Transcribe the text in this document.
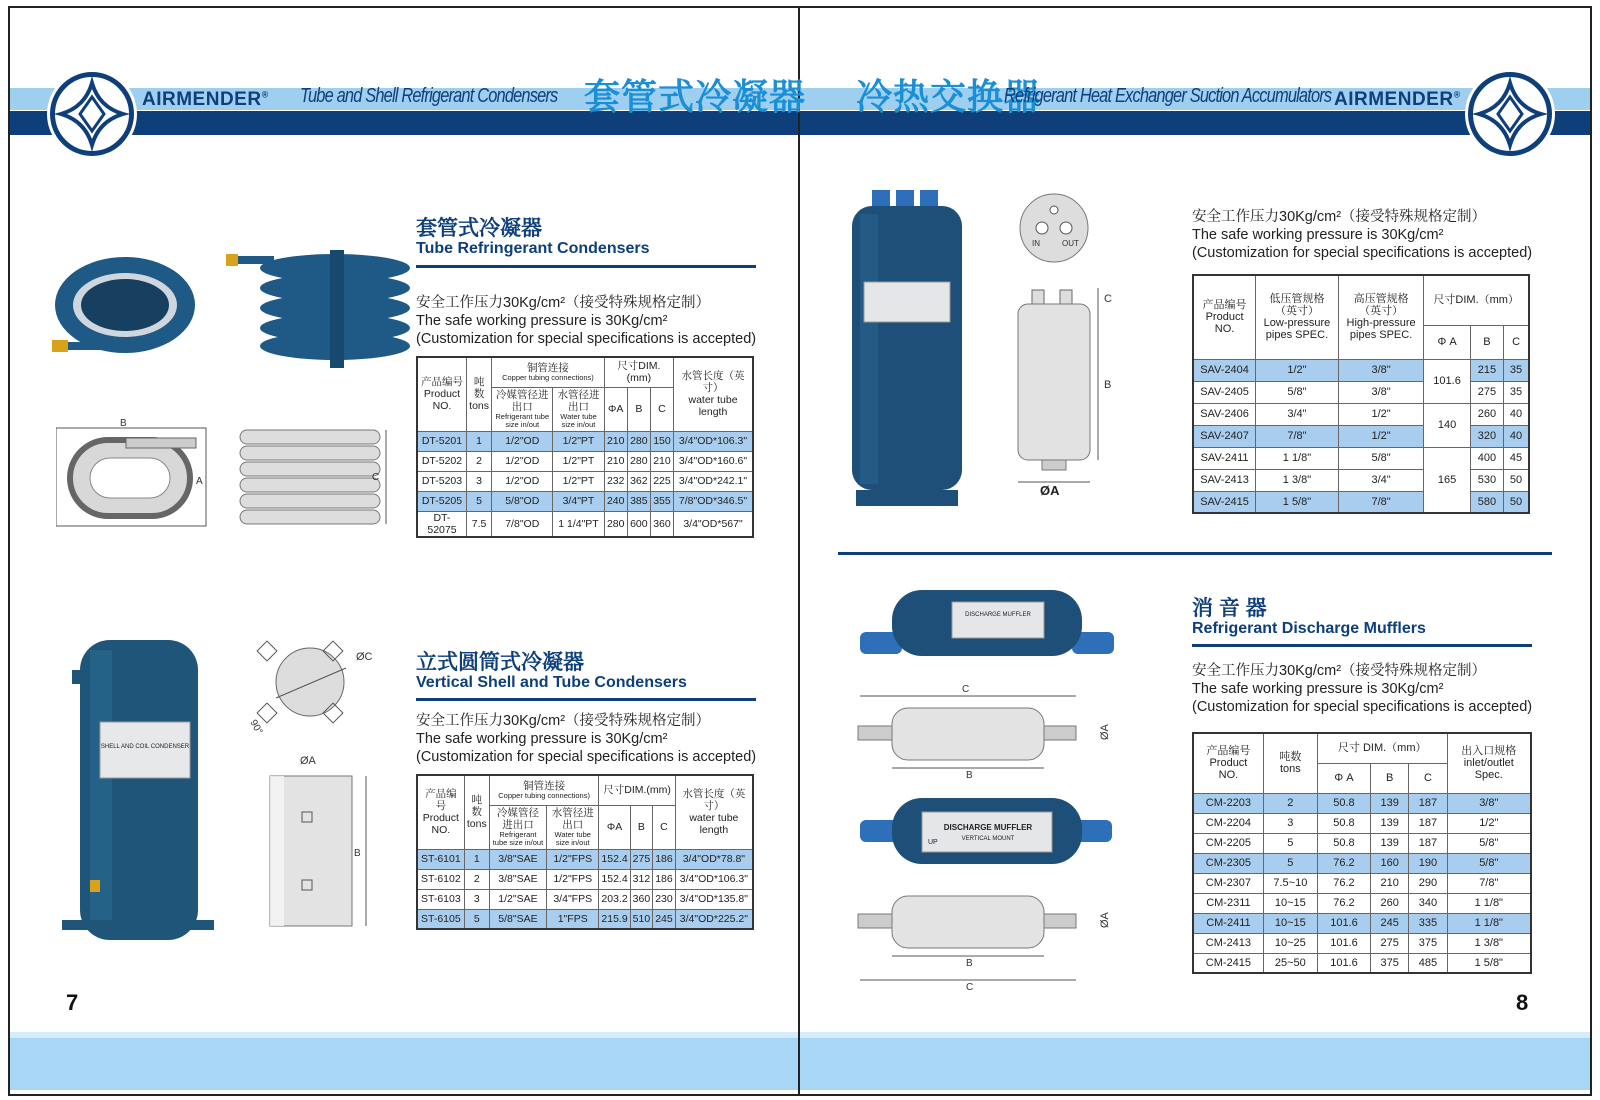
AIRMENDER® Tube and Shell Refrigerant Condensers 套管式冷凝器 冷热交换器
Refrigerant Heat Exchanger Suction Accumulators AIRMENDER®
B
A	C
SHELL AND COIL CONDENSER
ØC
90°
ØA
B
套管式冷凝器
Tube Refringerant Condensers
安全工作压力30Kg/cm²（接受特殊规格定制）
The safe working pressure is 30Kg/cm²
(Customization for special specifications is accepted)
产品编号
Product NO.	吨数
tons	铜管连接
Copper tubing connections)		尺寸DIM.(mm)			水管长度（英寸）
water tube length

		冷媒管径进出口
Refrigerant tube size in/out	水管径进出口
Water tube size in/out	ΦA	B	C	
DT-5201	1	1/2"OD	1/2"PT	210	280	150	3/4"OD*106.3"
DT-5202	2	1/2"OD	1/2"PT	210	280	210	3/4"OD*160.6"
DT-5203	3	1/2"OD	1/2"PT	232	362	225	3/4"OD*242.1"
DT-5205	5	5/8"OD	3/4"PT	240	385	355	7/8"OD*346.5"
DT-52075	7.5	7/8"OD	1 1/4"PT	280	600	360	3/4"OD*567"
立式圆筒式冷凝器
Vertical Shell and Tube Condensers
安全工作压力30Kg/cm²（接受特殊规格定制）
The safe working pressure is 30Kg/cm²
(Customization for special specifications is accepted)
产品编号
Product NO.	吨数
tons	铜管连接
Copper tubing connections)		尺寸DIM.(mm)			水管长度（英寸）
water tube length

		冷媒管径进出口
Refrigerant tube size in/out	水管径进出口
Water tube size in/out	ΦA	B	C	
ST-6101	1	3/8"SAE	1/2"FPS	152.4	275	186	3/4"OD*78.8"
ST-6102	2	3/8"SAE	1/2"FPS	152.4	312	186	3/4"OD*106.3"
ST-6103	3	1/2"SAE	3/4"FPS	203.2	360	230	3/4"OD*135.8"
ST-6105	5	5/8"SAE	1"FPS	215.9	510	245	3/4"OD*225.2"
7
IN	OUT
C
B
ØA
安全工作压力30Kg/cm²（接受特殊规格定制）
The safe working pressure is 30Kg/cm²
(Customization for special specifications is accepted)
产品编号
Product
NO.	低压管规格
（英寸）
Low-pressure
pipes SPEC.	高压管规格
（英寸）
High-pressure
pipes SPEC.	尺寸DIM.（mm）		
			Φ A	B	C
SAV-2404	1/2"	3/8"	101.6	215	35
SAV-2405	5/8"	3/8"		275	35
SAV-2406	3/4"	1/2"	140	260	40
SAV-2407	7/8"	1/2"		320	40
SAV-2411	1 1/8"	5/8"	165	400	45
SAV-2413	1 3/8"	3/4"		530	50
SAV-2415	1 5/8"	7/8"		580	50
DISCHARGE MUFFLER
C
B
ØA
DISCHARGE MUFFLER
VERTICAL MOUNT
UP
B
C
ØA
消 音 器
Refrigerant Discharge Mufflers
安全工作压力30Kg/cm²（接受特殊规格定制）
The safe working pressure is 30Kg/cm²
(Customization for special specifications is accepted)
产品编号
Product
NO.	吨数
tons	尺寸 DIM.（mm）			出入口规格
inlet/outlet
Spec.

		Φ A	B	C	
CM-2203	2	50.8	139	187	3/8"
CM-2204	3	50.8	139	187	1/2"
CM-2205	5	50.8	139	187	5/8"
CM-2305	5	76.2	160	190	5/8"
CM-2307	7.5~10	76.2	210	290	7/8"
CM-2311	10~15	76.2	260	340	1 1/8"
CM-2411	10~15	101.6	245	335	1 1/8"
CM-2413	10~25	101.6	275	375	1 3/8"
CM-2415	25~50	101.6	375	485	1 5/8"
8
